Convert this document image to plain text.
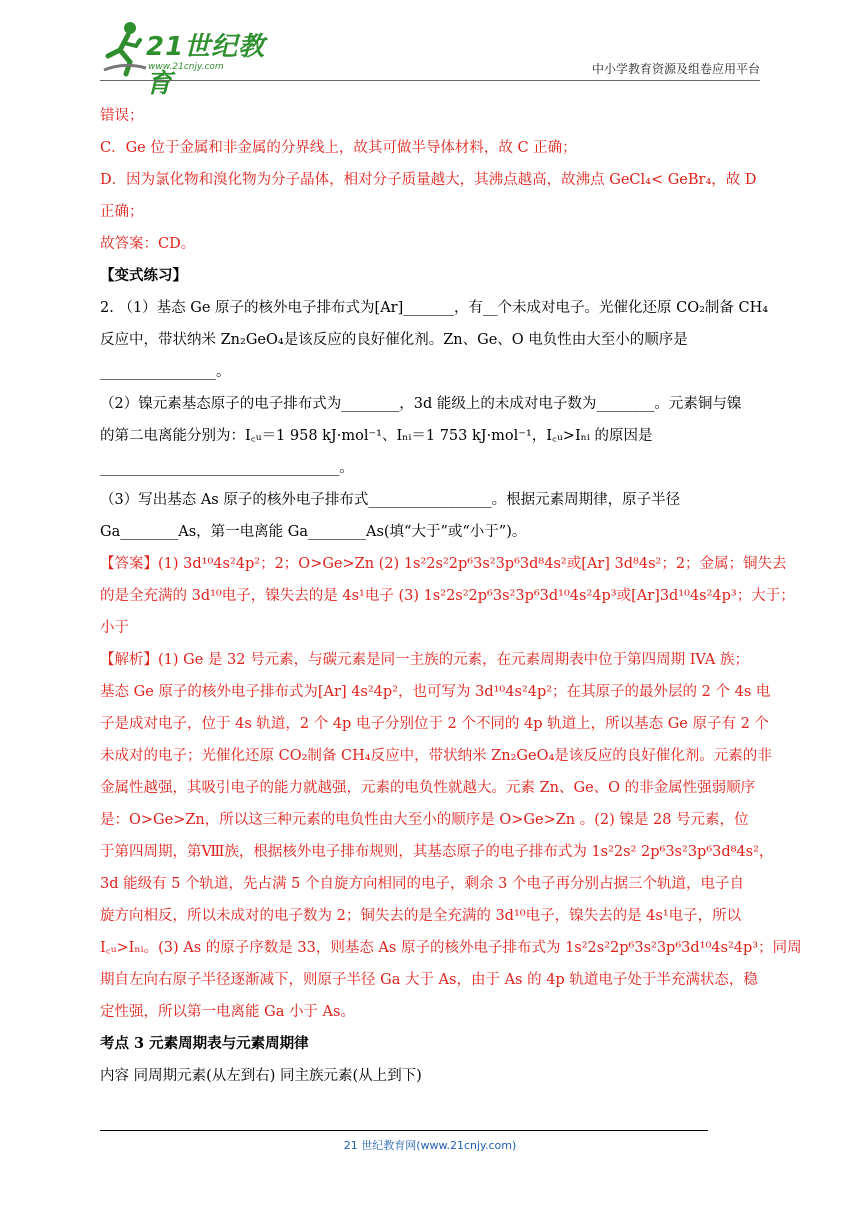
21世纪教育
www.21cnjy.com	中小学教育资源及组卷应用平台
错误；
C．Ge 位于金属和非金属的分界线上，故其可做半导体材料，故 C 正确；
D．因为氯化物和溴化物为分子晶体，相对分子质量越大，其沸点越高，故沸点 GeCl₄< GeBr₄，故 D
正确；
故答案：CD。
【变式练习】
2. （1）基态 Ge 原子的核外电子排布式为[Ar]_______，有__个未成对电子。光催化还原 CO₂制备 CH₄
反应中，带状纳米 Zn₂GeO₄是该反应的良好催化剂。Zn、Ge、O 电负性由大至小的顺序是
________________。
（2）镍元素基态原子的电子排布式为________，3d 能级上的未成对电子数为________。元素铜与镍
的第二电离能分别为：I꜀ᵤ＝1 958 kJ·mol⁻¹、Iₙᵢ＝1 753 kJ·mol⁻¹，I꜀ᵤ>Iₙᵢ 的原因是
_________________________________。
（3）写出基态 As 原子的核外电子排布式_________________。根据元素周期律，原子半径
Ga________As，第一电离能 Ga________As(填“大于”或“小于”)。
【答案】(1) 3d¹⁰4s²4p²；2；O>Ge>Zn (2) 1s²2s²2p⁶3s²3p⁶3d⁸4s²或[Ar] 3d⁸4s²；2；金属；铜失去
的是全充满的 3d¹⁰电子，镍失去的是 4s¹电子 (3) 1s²2s²2p⁶3s²3p⁶3d¹⁰4s²4p³或[Ar]3d¹⁰4s²4p³；大于；
小于
【解析】(1) Ge 是 32 号元素，与碳元素是同一主族的元素，在元素周期表中位于第四周期 IVA 族；
基态 Ge 原子的核外电子排布式为[Ar] 4s²4p²，也可写为 3d¹⁰4s²4p²；在其原子的最外层的 2 个 4s 电
子是成对电子，位于 4s 轨道，2 个 4p 电子分别位于 2 个不同的 4p 轨道上，所以基态 Ge 原子有 2 个
未成对的电子；光催化还原 CO₂制备 CH₄反应中，带状纳米 Zn₂GeO₄是该反应的良好催化剂。元素的非
金属性越强，其吸引电子的能力就越强，元素的电负性就越大。元素 Zn、Ge、O 的非金属性强弱顺序
是：O>Ge>Zn，所以这三种元素的电负性由大至小的顺序是 O>Ge>Zn 。(2) 镍是 28 号元素，位
于第四周期，第Ⅷ族，根据核外电子排布规则，其基态原子的电子排布式为 1s²2s² 2p⁶3s²3p⁶3d⁸4s²，
3d 能级有 5 个轨道，先占满 5 个自旋方向相同的电子，剩余 3 个电子再分别占据三个轨道，电子自
旋方向相反，所以未成对的电子数为 2；铜失去的是全充满的 3d¹⁰电子，镍失去的是 4s¹电子，所以
I꜀ᵤ>Iₙᵢ。(3) As 的原子序数是 33，则基态 As 原子的核外电子排布式为 1s²2s²2p⁶3s²3p⁶3d¹⁰4s²4p³；同周
期自左向右原子半径逐渐减下，则原子半径 Ga 大于 As，由于 As 的 4p 轨道电子处于半充满状态，稳
定性强，所以第一电离能 Ga 小于 As。
考点 3 元素周期表与元素周期律
内容 同周期元素(从左到右) 同主族元素(从上到下)
21 世纪教育网(www.21cnjy.com)
